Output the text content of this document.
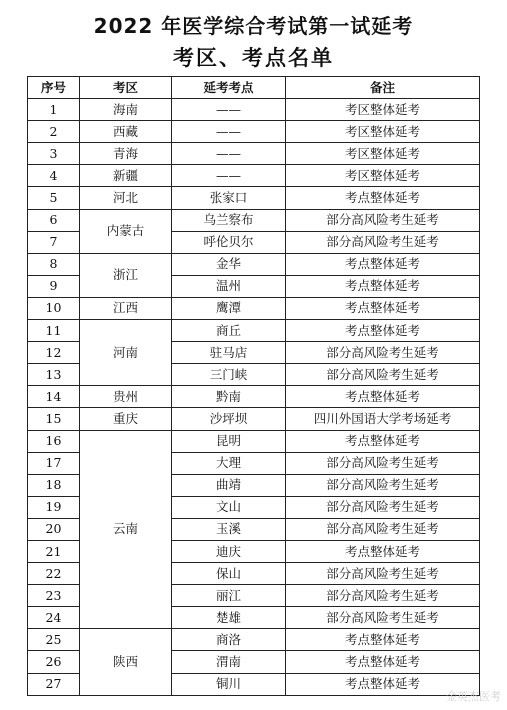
2022 年医学综合考试第一试延考
考区、考点名单
序号	考区	延考考点	备注
1	海南	——	考区整体延考
2	西藏	——	考区整体延考
3	青海	——	考区整体延考
4	新疆	——	考区整体延考
5	河北	张家口	考点整体延考
6	内蒙古	乌兰察布	部分高风险考生延考
7		呼伦贝尔	部分高风险考生延考
8	浙江	金华	考点整体延考
9		温州	考点整体延考
10	江西	鹰潭	考点整体延考
11	河南	商丘	考点整体延考
12		驻马店	部分高风险考生延考
13		三门峡	部分高风险考生延考
14	贵州	黔南	考点整体延考
15	重庆	沙坪坝	四川外国语大学考场延考
16	云南	昆明	考点整体延考
17		大理	部分高风险考生延考
18		曲靖	部分高风险考生延考
19		文山	部分高风险考生延考
20		玉溪	部分高风险考生延考
21		迪庆	考点整体延考
22		保山	部分高风险考生延考
23		丽江	部分高风险考生延考
24		楚雄	部分高风险考生延考
25	陕西	商洛	考点整体延考
26		渭南	考点整体延考
27		铜川	考点整体延考
金英杰医考
